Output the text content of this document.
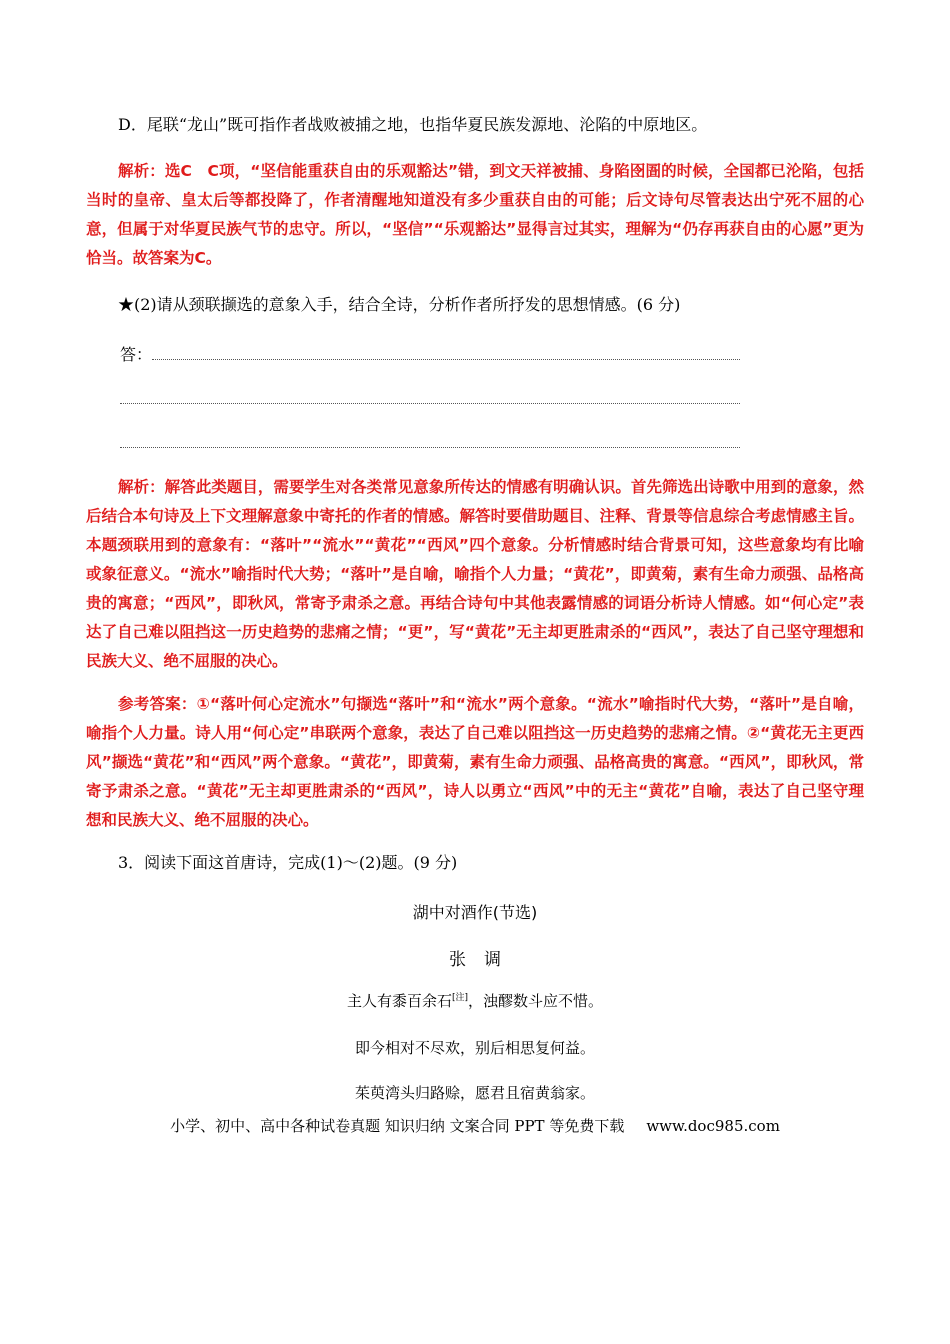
D．尾联“龙山”既可指作者战败被捕之地，也指华夏民族发源地、沦陷的中原地区。

解析：选C　C项，“坚信能重获自由的乐观豁达”错，到文天祥被捕、身陷囹圄的时候，全国都已沦陷，包括当时的皇帝、皇太后等都投降了，作者清醒地知道没有多少重获自由的可能；后文诗句尽管表达出宁死不屈的心意，但属于对华夏民族气节的忠守。所以，“坚信”“乐观豁达”显得言过其实，理解为“仍存再获自由的心愿”更为恰当。故答案为C。

★(2)请从颈联撷选的意象入手，结合全诗，分析作者所抒发的思想情感。(6 分)

答：

解析：解答此类题目，需要学生对各类常见意象所传达的情感有明确认识。首先筛选出诗歌中用到的意象，然后结合本句诗及上下文理解意象中寄托的作者的情感。解答时要借助题目、注释、背景等信息综合考虑情感主旨。本题颈联用到的意象有：“落叶”“流水”“黄花”“西风”四个意象。分析情感时结合背景可知，这些意象均有比喻或象征意义。“流水”喻指时代大势；“落叶”是自喻，喻指个人力量；“黄花”，即黄菊，素有生命力顽强、品格高贵的寓意；“西风”，即秋风，常寄予肃杀之意。再结合诗句中其他表露情感的词语分析诗人情感。如“何心定”表达了自己难以阻挡这一历史趋势的悲痛之情；“更”，写“黄花”无主却更胜肃杀的“西风”，表达了自己坚守理想和民族大义、绝不屈服的决心。

参考答案：①“落叶何心定流水”句撷选“落叶”和“流水”两个意象。“流水”喻指时代大势，“落叶”是自喻，喻指个人力量。诗人用“何心定”串联两个意象，表达了自己难以阻挡这一历史趋势的悲痛之情。②“黄花无主更西风”撷选“黄花”和“西风”两个意象。“黄花”，即黄菊，素有生命力顽强、品格高贵的寓意。“西风”，即秋风，常寄予肃杀之意。“黄花”无主却更胜肃杀的“西风”，诗人以勇立“西风”中的无主“黄花”自喻，表达了自己坚守理想和民族大义、绝不屈服的决心。

3．阅读下面这首唐诗，完成(1)～(2)题。(9 分)

湖中对酒作(节选)
张调
主人有黍百余石[注]，浊醪数斗应不惜。
即今相对不尽欢，别后相思复何益。
茱萸湾头归路赊，愿君且宿黄翁家。
小学、初中、高中各种试卷真题 知识归纳 文案合同 PPT 等免费下载 www.doc985.com
